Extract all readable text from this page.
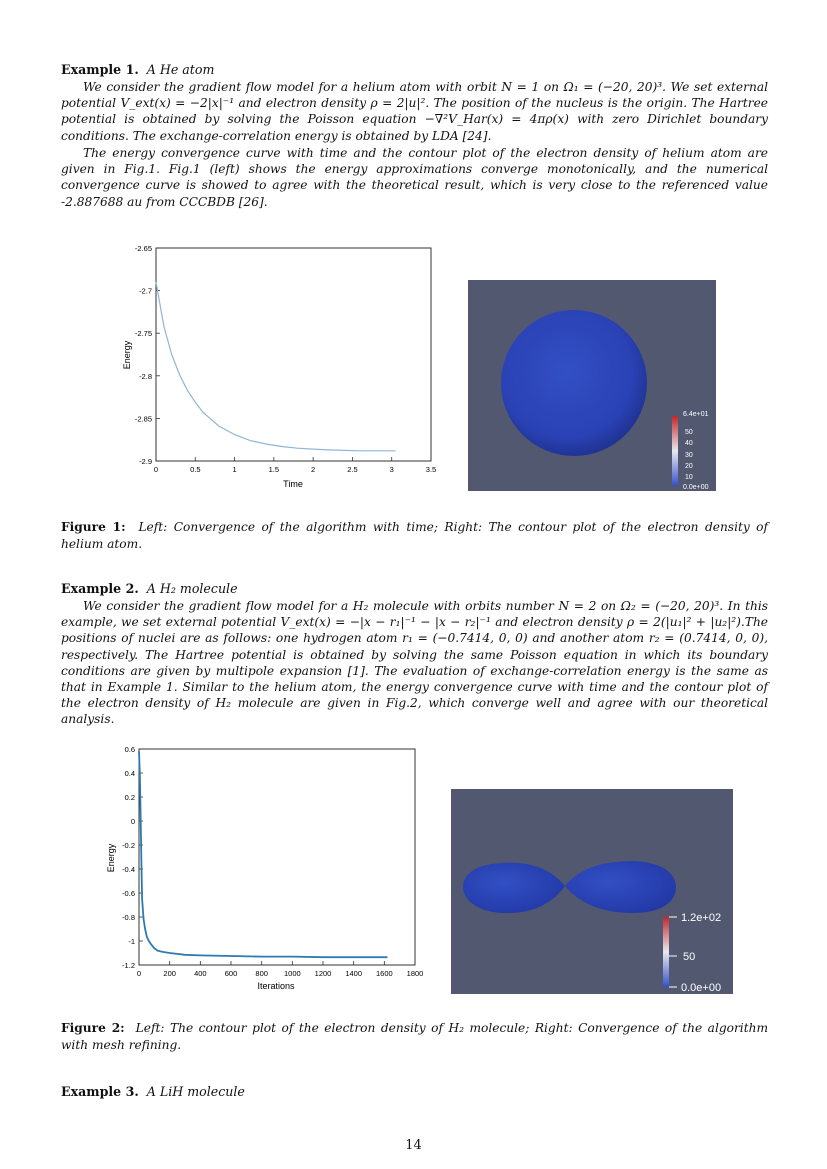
Example 1. A He atom

We consider the gradient flow model for a helium atom with orbit N = 1 on Ω₁ = (−20, 20)³. We set external potential V_ext(x) = −2|x|⁻¹ and electron density ρ = 2|u|². The position of the nucleus is the origin. The Hartree potential is obtained by solving the Poisson equation −∇²V_Har(x) = 4πρ(x) with zero Dirichlet boundary conditions. The exchange-correlation energy is obtained by LDA [24].

The energy convergence curve with time and the contour plot of the electron density of helium atom are given in Fig.1. Fig.1 (left) shows the energy approximations converge monotonically, and the numerical convergence curve is showed to agree with the theoretical result, which is very close to the referenced value -2.887688 au from CCCBDB [26].

-2.65
-2.7
-2.75
-2.8
-2.85
-2.9
0	0.5	1	1.5	2	2.5	3	3.5
Time
Energy
6.4e+01
50
40
30
20
10
0.0e+00

Figure 1: Left: Convergence of the algorithm with time; Right: The contour plot of the electron density of helium atom.

Example 2. A H₂ molecule

We consider the gradient flow model for a H₂ molecule with orbits number N = 2 on Ω₂ = (−20, 20)³. In this example, we set external potential V_ext(x) = −|x − r₁|⁻¹ − |x − r₂|⁻¹ and electron density ρ = 2(|u₁|² + |u₂|²).The positions of nuclei are as follows: one hydrogen atom r₁ = (−0.7414, 0, 0) and another atom r₂ = (0.7414, 0, 0), respectively. The Hartree potential is obtained by solving the same Poisson equation in which its boundary conditions are given by multipole expansion [1]. The evaluation of exchange-correlation energy is the same as that in Example 1. Similar to the helium atom, the energy convergence curve with time and the contour plot of the electron density of H₂ molecule are given in Fig.2, which converge well and agree with our theoretical analysis.

0.6
0.4
0.2
0
-0.2
-0.4
-0.6
-0.8
-1
-1.2
0	200 400 600 800 1000 1200 1400 1600 1800
Iterations
Energy
1.2e+02
50
0.0e+00

Figure 2: Left: The contour plot of the electron density of H₂ molecule; Right: Convergence of the algorithm with mesh refining.

Example 3. A LiH molecule

14
